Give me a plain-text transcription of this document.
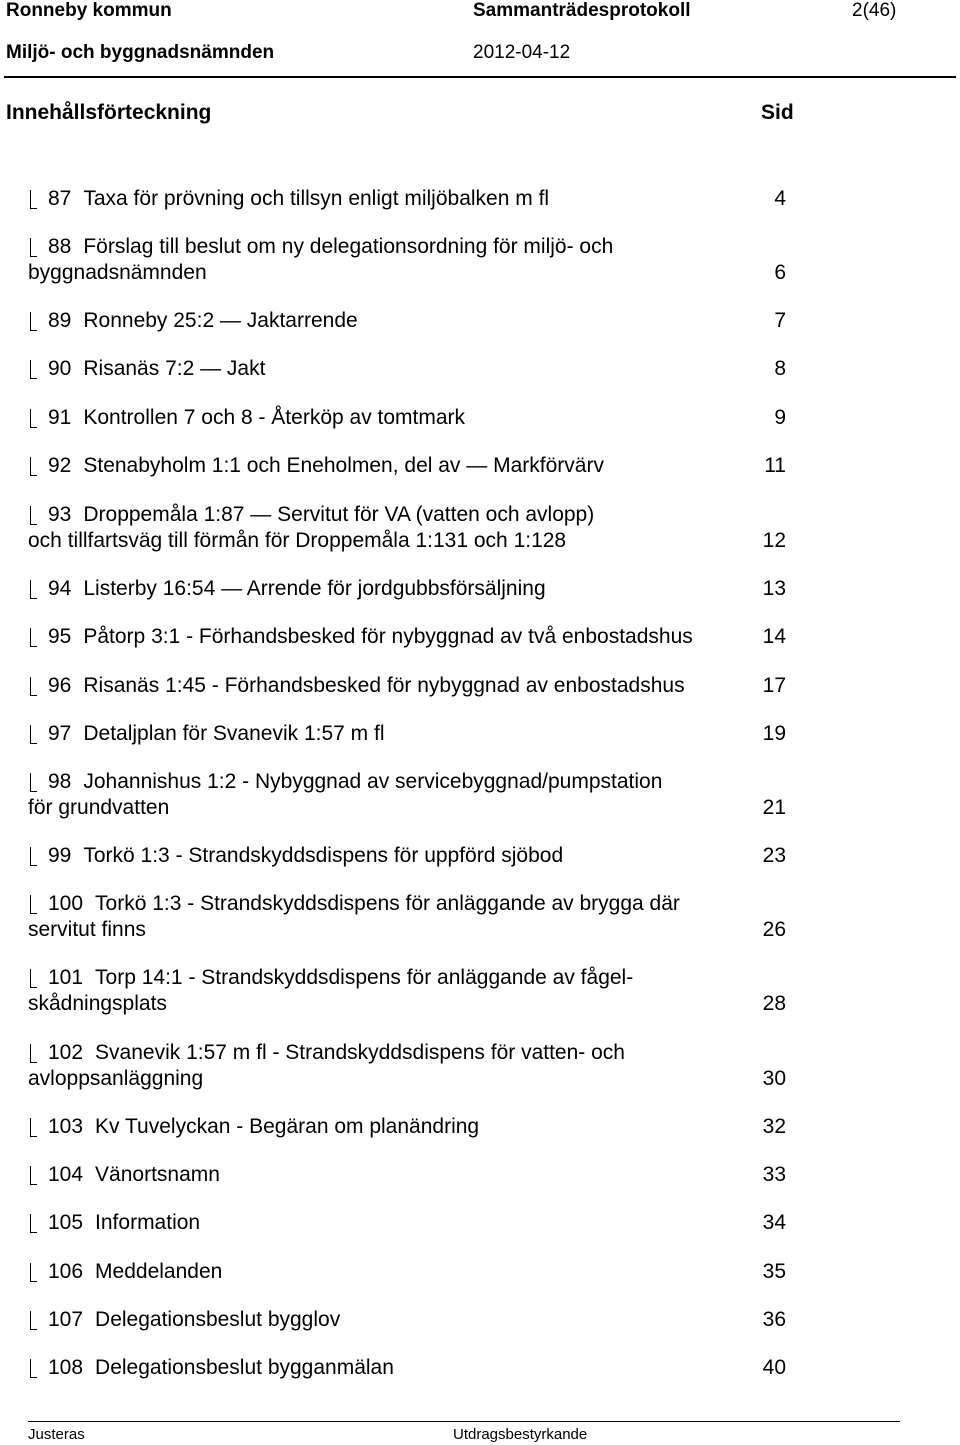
Ronneby kommun	Sammanträdesprotokoll	2(46)
Miljö- och byggnadsnämnden	2012-04-12
Innehållsförteckning	Sid
87 Taxa för prövning och tillsyn enligt miljöbalken m fl	4
88 Förslag till beslut om ny delegationsordning för miljö- och
byggnadsnämnden	6
89 Ronneby 25:2 — Jaktarrende	7
90 Risanäs 7:2 — Jakt	8
91 Kontrollen 7 och 8 - Återköp av tomtmark	9
92 Stenabyholm 1:1 och Eneholmen, del av — Markförvärv	11
93 Droppemåla 1:87 — Servitut för VA (vatten och avlopp)
och tillfartsväg till förmån för Droppemåla 1:131 och 1:128	12
94 Listerby 16:54 — Arrende för jordgubbsförsäljning	13
95 Påtorp 3:1 - Förhandsbesked för nybyggnad av två enbostadshus	14
96 Risanäs 1:45 - Förhandsbesked för nybyggnad av enbostadshus	17
97 Detaljplan för Svanevik 1:57 m fl	19
98 Johannishus 1:2 - Nybyggnad av servicebyggnad/pumpstation
för grundvatten	21
99 Torkö 1:3 - Strandskyddsdispens för uppförd sjöbod	23
100 Torkö 1:3 - Strandskyddsdispens för anläggande av brygga där
servitut finns	26
101 Torp 14:1 - Strandskyddsdispens för anläggande av fågel-
skådningsplats	28
102 Svanevik 1:57 m fl - Strandskyddsdispens för vatten- och
avloppsanläggning	30
103 Kv Tuvelyckan - Begäran om planändring	32
104 Vänortsnamn	33
105 Information	34
106 Meddelanden	35
107 Delegationsbeslut bygglov	36
108 Delegationsbeslut bygganmälan	40
Justeras	Utdragsbestyrkande
